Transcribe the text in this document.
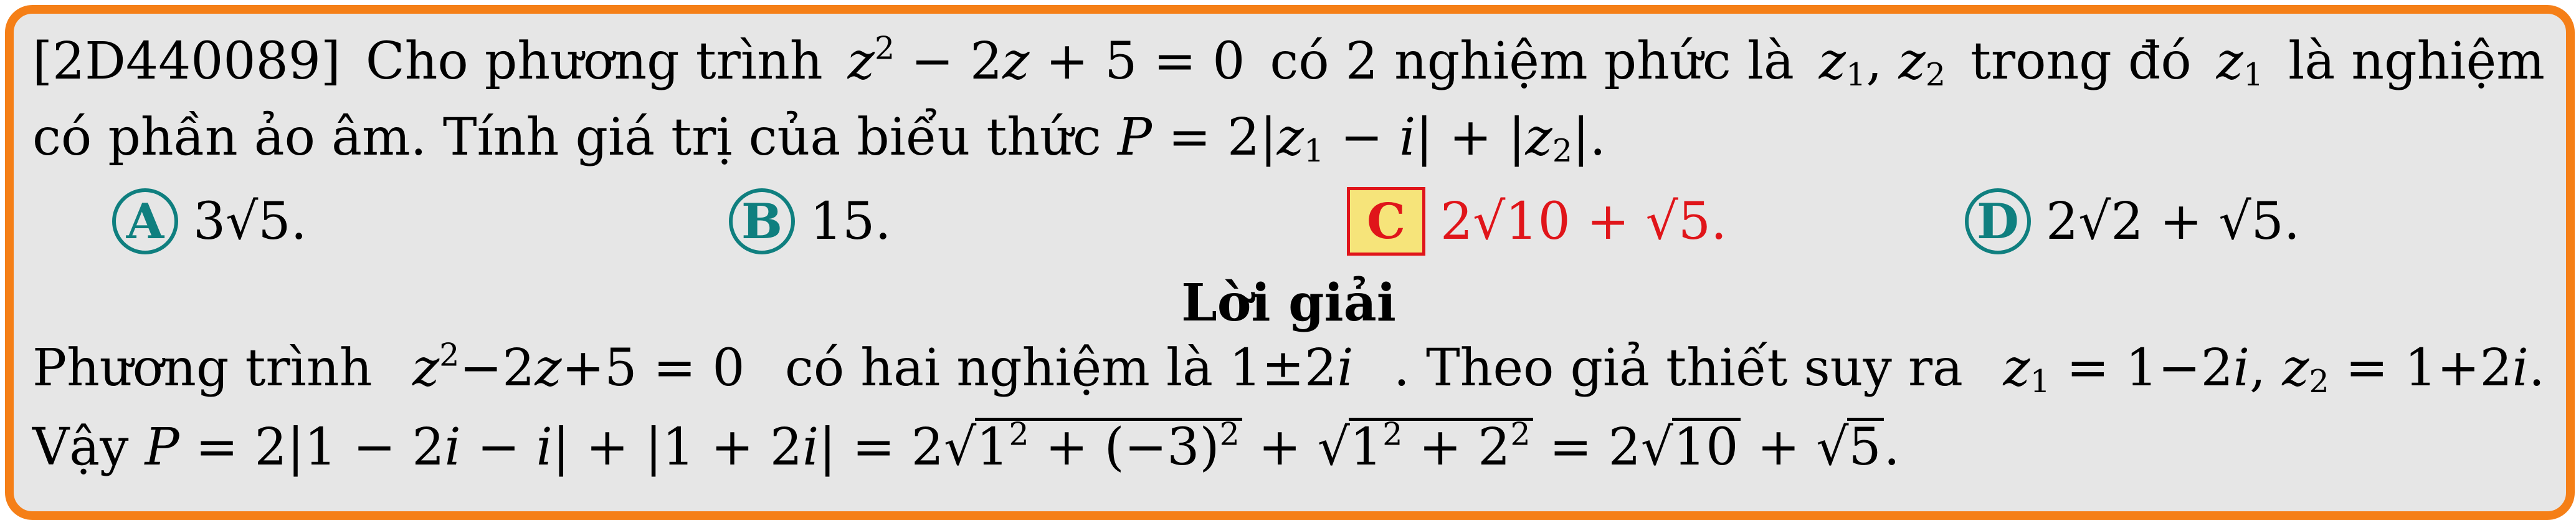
[2D440089] Cho phương trình $z^2 - 2z + 5 = 0$ có 2 nghiệm phức là $z_1$, $z_2$ trong đó $z_1$ là nghiệm
có phần ảo âm. Tính giá trị của biểu thức $P = 2|z_1 - i| + |z_2|$.
A 3√5.	B 15.	C 2√10 + √5.	D 2√2 + √5.
Lời giải
Phương trình $z^2-2z+5 = 0$ có hai nghiệm là 1±2i . Theo giả thiết suy ra $z_1 = 1-2i$, $z_2 = 1+2i$.
Vậy $P = 2|1 - 2i - i| + |1 + 2i| = 2√1^2 + (-3)^2 + √1^2 + 2^2 = 2√10 + √5$.
